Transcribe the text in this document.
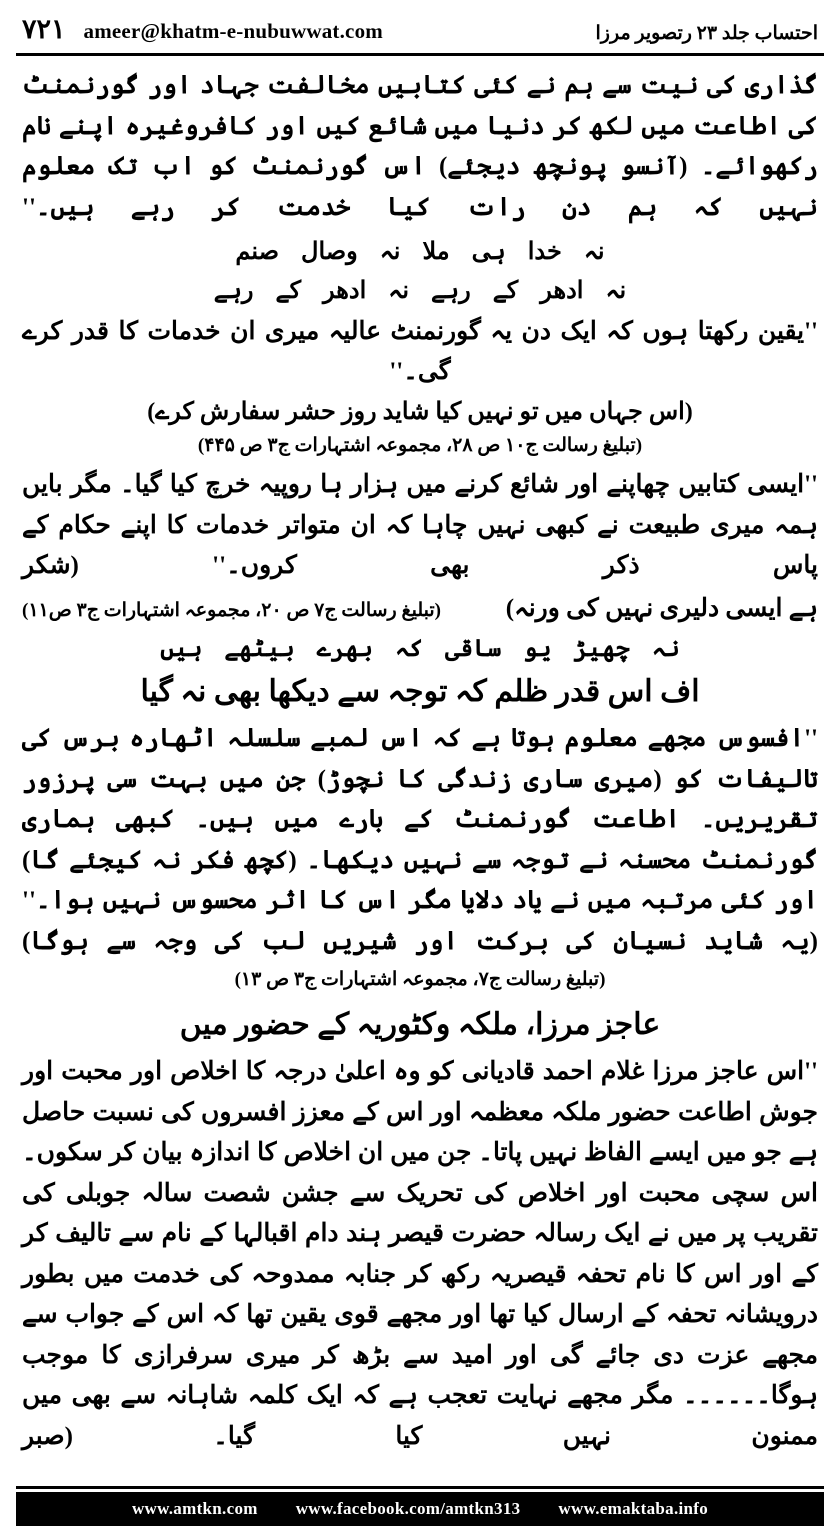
احتساب جلد ۲۳ رتصویر مرزا
۷۲۱ ameer@khatm-e-nubuwwat.com

گذاری کی نیت سے ہم نے کئی کتابیں مخالفت جہاد اور گورنمنٹ کی اطاعت میں لکھ کر دنیا میں شائع کیں اور کافروغیرہ اپنے نام رکھوائے۔ (آنسو پونچھ دیجئے) اس گورنمنٹ کو اب تک معلوم نہیں کہ ہم دن رات کیا خدمت کر رہے ہیں۔''

نہ خدا ہی ملا نہ وصال صنم
نہ ادھر کے رہے نہ ادھر کے رہے

''یقین رکھتا ہوں کہ ایک دن یہ گورنمنٹ عالیہ میری ان خدمات کا قدر کرے گی۔''

(اس جہاں میں تو نہیں کیا شاید روز حشر سفارش کرے)
(تبلیغ رسالت ج۱۰ ص ۲۸، مجموعہ اشتہارات ج۳ ص ۴۴۵)

''ایسی کتابیں چھاپنے اور شائع کرنے میں ہزار ہا روپیہ خرچ کیا گیا۔ مگر بایں ہمہ میری طبیعت نے کبھی نہیں چاہا کہ ان متواتر خدمات کا اپنے حکام کے پاس ذکر بھی کروں۔'' (شکر

ہے ایسی دلیری نہیں کی ورنہ)
(تبلیغ رسالت ج۷ ص ۲۰، مجموعہ اشتہارات ج۳ ص۱۱)
نہ چھیڑ یو ساقی کہ بھرے بیٹھے ہیں
اف اس قدر ظلم کہ توجہ سے دیکھا بھی نہ گیا

''افسوس مجھے معلوم ہوتا ہے کہ اس لمبے سلسلہ اٹھارہ برس کی تالیفات کو (میری ساری زندگی کا نچوڑ) جن میں بہت سی پرزور تقریریں۔ اطاعت گورنمنٹ کے بارے میں ہیں۔ کبھی ہماری گورنمنٹ محسنہ نے توجہ سے نہیں دیکھا۔ (کچھ فکر نہ کیجئے گا) اور کئی مرتبہ میں نے یاد دلایا مگر اس کا اثر محسوس نہیں ہوا۔'' (یہ شاید نسیان کی برکت اور شیریں لب کی وجہ سے ہوگا)

(تبلیغ رسالت ج۷، مجموعہ اشتہارات ج۳ ص ۱۳)
عاجز مرزا، ملکہ وکٹوریہ کے حضور میں

''اس عاجز مرزا غلام احمد قادیانی کو وہ اعلیٰ درجہ کا اخلاص اور محبت اور جوش اطاعت حضور ملکہ معظمہ اور اس کے معزز افسروں کی نسبت حاصل ہے جو میں ایسے الفاظ نہیں پاتا۔ جن میں ان اخلاص کا اندازہ بیان کر سکوں۔ اس سچی محبت اور اخلاص کی تحریک سے جشن شصت سالہ جوبلی کی تقریب پر میں نے ایک رسالہ حضرت قیصر ہند دام اقبالہا کے نام سے تالیف کر کے اور اس کا نام تحفہ قیصریہ رکھ کر جنابہ ممدوحہ کی خدمت میں بطور درویشانہ تحفہ کے ارسال کیا تھا اور مجھے قوی یقین تھا کہ اس کے جواب سے مجھے عزت دی جائے گی اور امید سے بڑھ کر میری سرفرازی کا موجب ہوگا۔۔۔۔۔۔ مگر مجھے نہایت تعجب ہے کہ ایک کلمہ شاہانہ سے بھی میں ممنون نہیں کیا گیا۔ (صبر

www.amtkn.com www.facebook.com/amtkn313 www.emaktaba.info
